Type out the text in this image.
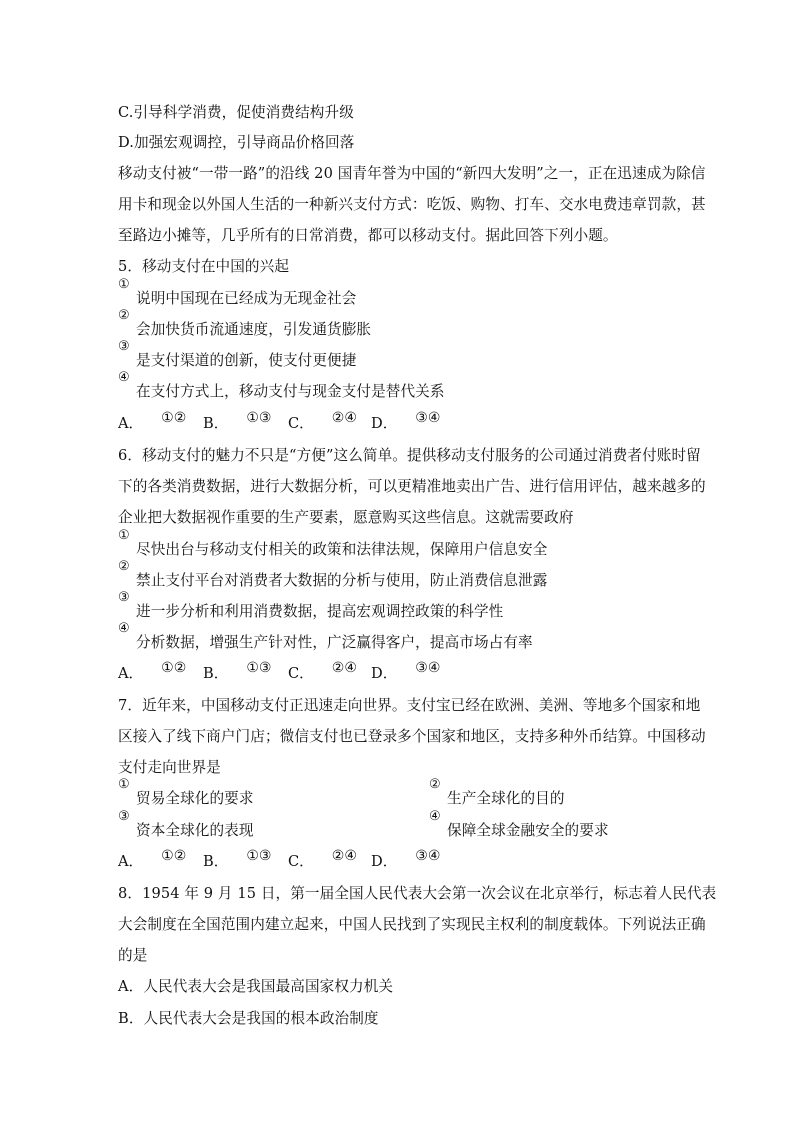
C.引导科学消费，促使消费结构升级
D.加强宏观调控，引导商品价格回落
移动支付被“一带一路”的沿线 20 国青年誉为中国的“新四大发明”之一，正在迅速成为除信
用卡和现金以外国人生活的一种新兴支付方式：吃饭、购物、打车、交水电费违章罚款，甚
至路边小摊等，几乎所有的日常消费，都可以移动支付。据此回答下列小题。
5．移动支付在中国的兴起
①
说明中国现在已经成为无现金社会
②
会加快货币流通速度，引发通货膨胀
③
是支付渠道的创新，使支付更便捷
④
在支付方式上，移动支付与现金支付是替代关系
A． ①② B． ①③ C． ②④ D． ③④
6．移动支付的魅力不只是“方便”这么简单。提供移动支付服务的公司通过消费者付账时留
下的各类消费数据，进行大数据分析，可以更精准地卖出广告、进行信用评估，越来越多的
企业把大数据视作重要的生产要素，愿意购买这些信息。这就需要政府
①
尽快出台与移动支付相关的政策和法律法规，保障用户信息安全
②
禁止支付平台对消费者大数据的分析与使用，防止消费信息泄露
③
进一步分析和利用消费数据，提高宏观调控政策的科学性
④
分析数据，增强生产针对性，广泛赢得客户，提高市场占有率
A． ①② B． ①③ C． ②④ D． ③④
7．近年来，中国移动支付正迅速走向世界。支付宝已经在欧洲、美洲、等地多个国家和地
区接入了线下商户门店；微信支付也已登录多个国家和地区，支持多种外币结算。中国移动
支付走向世界是
①
贸易全球化的要求
②
生产全球化的目的
③
资本全球化的表现
④
保障全球金融安全的要求
A． ①② B． ①③ C． ②④ D． ③④
8．1954 年 9 月 15 日，第一届全国人民代表大会第一次会议在北京举行，标志着人民代表
大会制度在全国范围内建立起来，中国人民找到了实现民主权利的制度载体。下列说法正确
的是
A．人民代表大会是我国最高国家权力机关
B．人民代表大会是我国的根本政治制度
